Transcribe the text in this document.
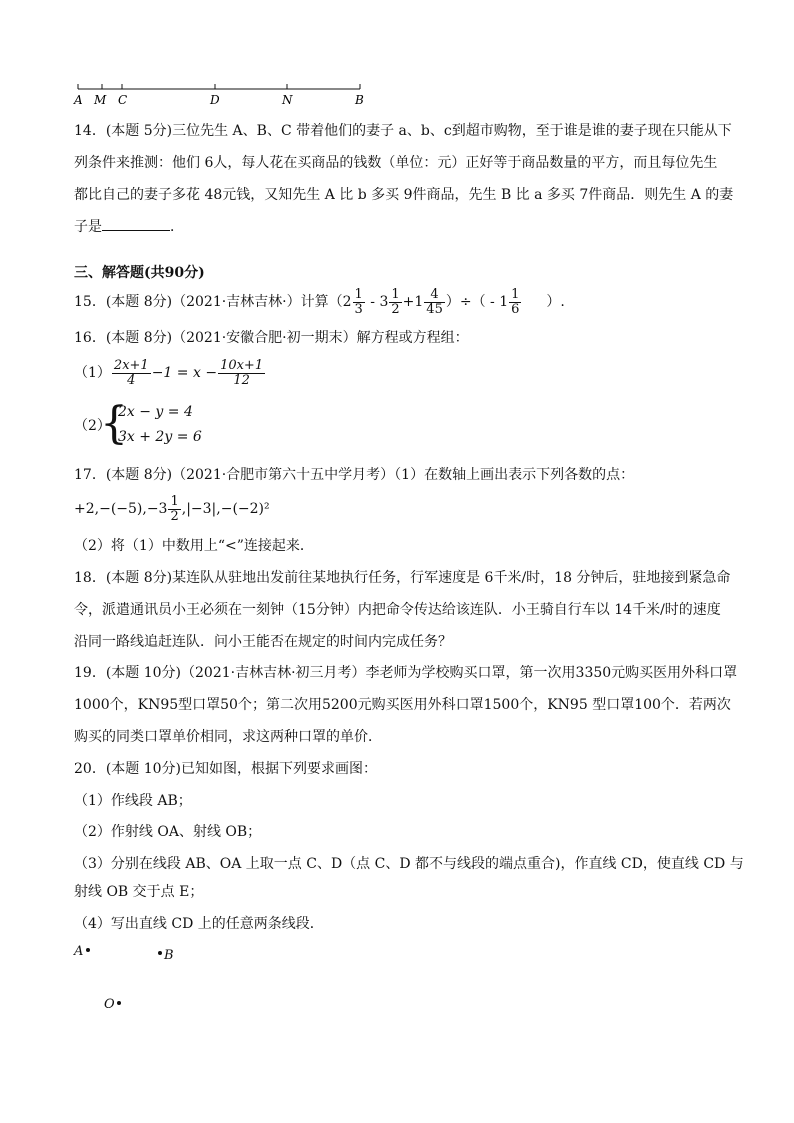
A M C	D	N	B
14．(本题 5分)三位先生 A、B、C 带着他们的妻子 a、b、c到超市购物，至于谁是谁的妻子现在只能从下
列条件来推测：他们 6人，每人花在买商品的钱数（单位：元）正好等于商品数量的平方，而且每位先生
都比自己的妻子多花 48元钱，又知先生 A 比 b 多买 9件商品，先生 B 比 a 多买 7件商品．则先生 A 的妻
子是	．
三、解答题(共90分)
15．(本题 8分)（2021·吉林吉林·）计算（$2 \frac{1}{3} - 3 \frac{1}{2} +1 \frac{4}{45}$ ）÷（ - $1 \frac{1}{6}$ ）.
16．(本题 8分)（2021·安徽合肥·初一期末）解方程或方程组：
$(1) \frac{2x+1}{4} -1 = x - \frac{10x+1}{12}$
（2）
{
2x − y = 4
3x + 2y = 6
17．(本题 8分)（2021·合肥市第六十五中学月考）（1）在数轴上画出表示下列各数的点：
$+2,-(-5),-3 \frac{1}{2} ,|-3|,-(-2)^2$
（2）将（1）中数用上“<”连接起来．
18．(本题 8分)某连队从驻地出发前往某地执行任务，行军速度是 6千米/时，18 分钟后，驻地接到紧急命
令，派遣通讯员小王必须在一刻钟（15分钟）内把命令传达给该连队．小王骑自行车以 14千米/时的速度
沿同一路线追赶连队．问小王能否在规定的时间内完成任务？
19．(本题 10分)（2021·吉林吉林·初三月考）李老师为学校购买口罩，第一次用3350元购买医用外科口罩
1000个，KN95型口罩50个；第二次用5200元购买医用外科口罩1500个，KN95 型口罩100个．若两次
购买的同类口罩单价相同，求这两种口罩的单价．
20．(本题 10分)已知如图，根据下列要求画图：
（1）作线段 AB；
（2）作射线 OA、射线 OB；
（3）分别在线段 AB、OA 上取一点 C、D（点 C、D 都不与线段的端点重合)，作直线 CD，使直线 CD 与
射线 OB 交于点 E；
（4）写出直线 CD 上的任意两条线段．
A	B
O
